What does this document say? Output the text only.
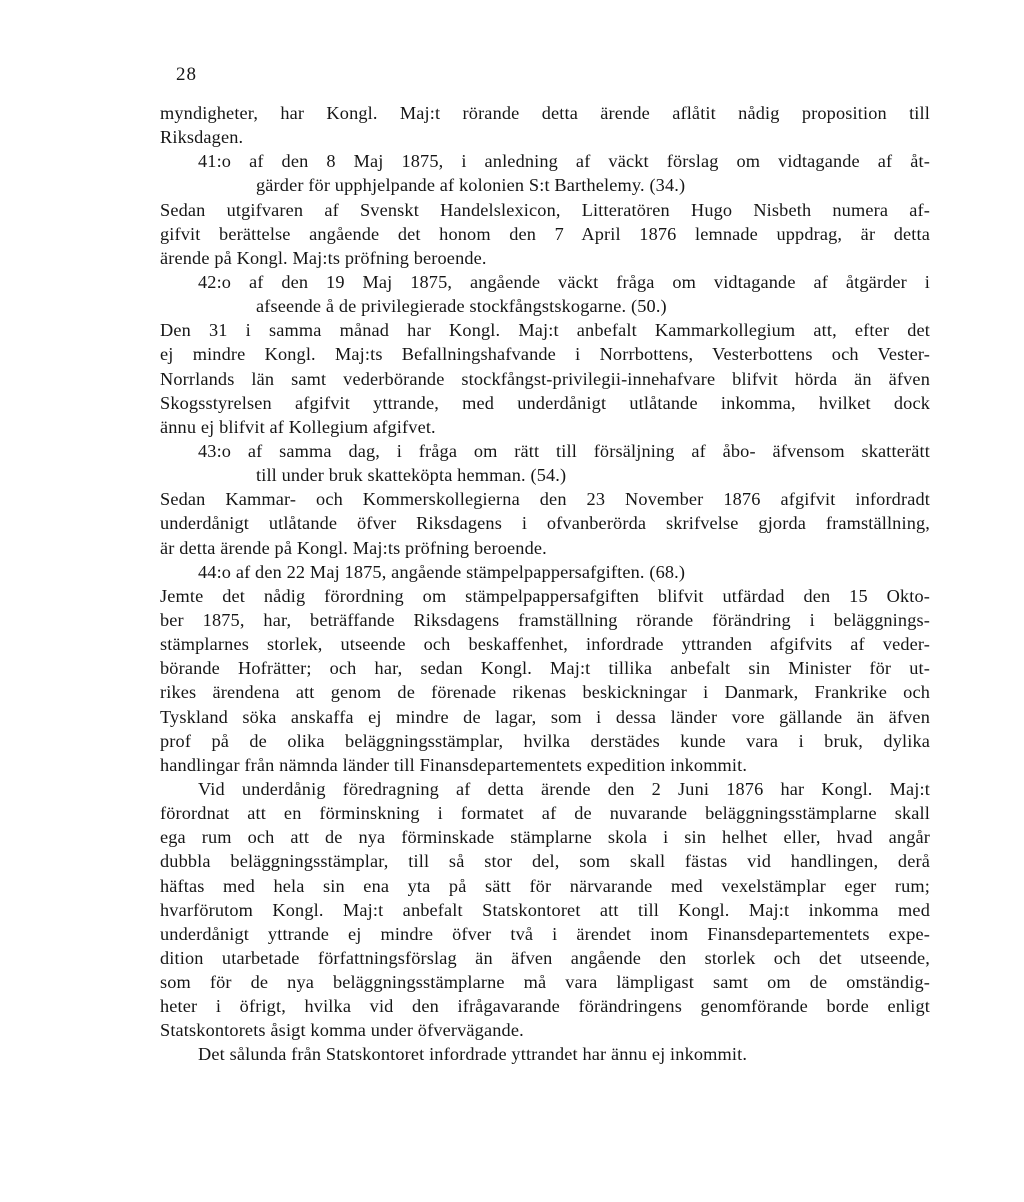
28
myndigheter, har Kongl. Maj:t rörande detta ärende aflåtit nådig proposition till
Riksdagen.
41:o af den 8 Maj 1875, i anledning af väckt förslag om vidtagande af åt-
gärder för upphjelpande af kolonien S:t Barthelemy. (34.)
Sedan utgifvaren af Svenskt Handelslexicon, Litteratören Hugo Nisbeth numera af-
gifvit berättelse angående det honom den 7 April 1876 lemnade uppdrag, är detta
ärende på Kongl. Maj:ts pröfning beroende.
42:o af den 19 Maj 1875, angående väckt fråga om vidtagande af åtgärder i
afseende å de privilegierade stockfångstskogarne. (50.)
Den 31 i samma månad har Kongl. Maj:t anbefalt Kammarkollegium att, efter det
ej mindre Kongl. Maj:ts Befallningshafvande i Norrbottens, Vesterbottens och Vester-
Norrlands län samt vederbörande stockfångst-privilegii-innehafvare blifvit hörda än äfven
Skogsstyrelsen afgifvit yttrande, med underdånigt utlåtande inkomma, hvilket dock
ännu ej blifvit af Kollegium afgifvet.
43:o af samma dag, i fråga om rätt till försäljning af åbo- äfvensom skatterätt
till under bruk skatteköpta hemman. (54.)
Sedan Kammar- och Kommerskollegierna den 23 November 1876 afgifvit infordradt
underdånigt utlåtande öfver Riksdagens i ofvanberörda skrifvelse gjorda framställning,
är detta ärende på Kongl. Maj:ts pröfning beroende.
44:o af den 22 Maj 1875, angående stämpelpappersafgiften. (68.)
Jemte det nådig förordning om stämpelpappersafgiften blifvit utfärdad den 15 Okto-
ber 1875, har, beträffande Riksdagens framställning rörande förändring i beläggnings-
stämplarnes storlek, utseende och beskaffenhet, infordrade yttranden afgifvits af veder-
börande Hofrätter; och har, sedan Kongl. Maj:t tillika anbefalt sin Minister för ut-
rikes ärendena att genom de förenade rikenas beskickningar i Danmark, Frankrike och
Tyskland söka anskaffa ej mindre de lagar, som i dessa länder vore gällande än äfven
prof på de olika beläggningsstämplar, hvilka derstädes kunde vara i bruk, dylika
handlingar från nämnda länder till Finansdepartementets expedition inkommit.
Vid underdånig föredragning af detta ärende den 2 Juni 1876 har Kongl. Maj:t
förordnat att en förminskning i formatet af de nuvarande beläggningsstämplarne skall
ega rum och att de nya förminskade stämplarne skola i sin helhet eller, hvad angår
dubbla beläggningsstämplar, till så stor del, som skall fästas vid handlingen, derå
häftas med hela sin ena yta på sätt för närvarande med vexelstämplar eger rum;
hvarförutom Kongl. Maj:t anbefalt Statskontoret att till Kongl. Maj:t inkomma med
underdånigt yttrande ej mindre öfver två i ärendet inom Finansdepartementets expe-
dition utarbetade författningsförslag än äfven angående den storlek och det utseende,
som för de nya beläggningsstämplarne må vara lämpligast samt om de omständig-
heter i öfrigt, hvilka vid den ifrågavarande förändringens genomförande borde enligt
Statskontorets åsigt komma under öfvervägande.
Det sålunda från Statskontoret infordrade yttrandet har ännu ej inkommit.
